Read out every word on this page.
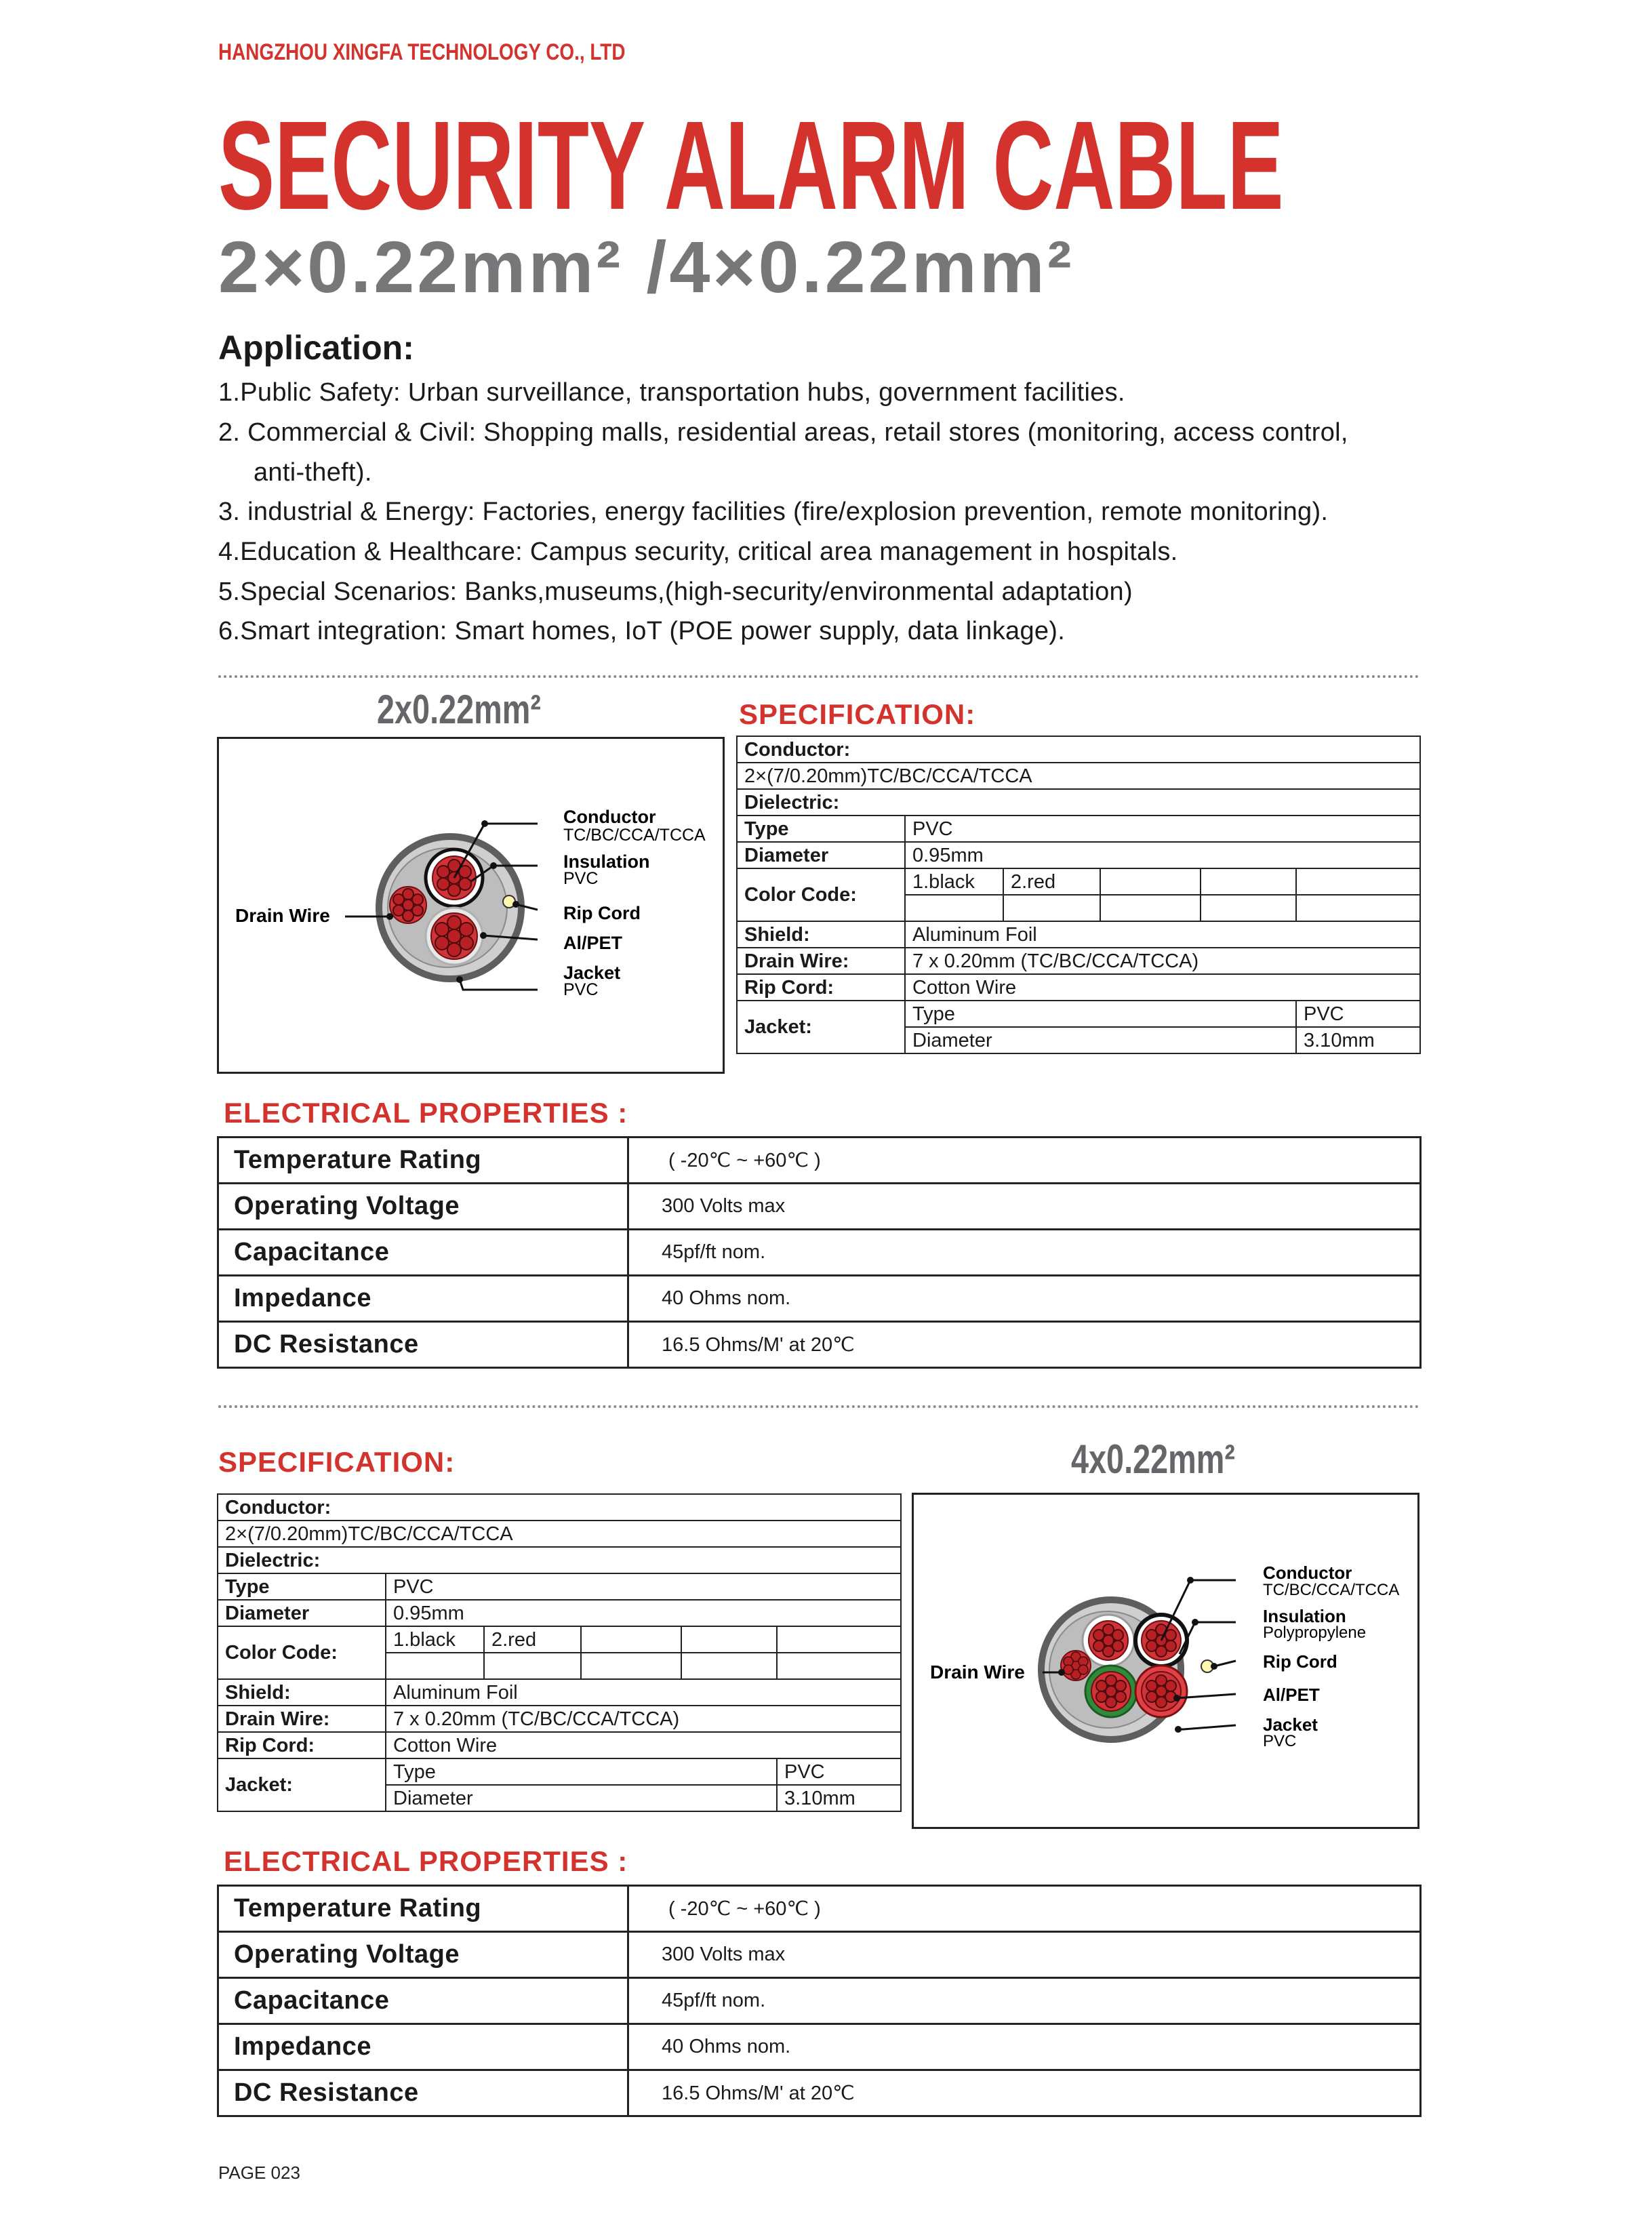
HANGZHOU XINGFA TECHNOLOGY CO., LTD
SECURITY ALARM CABLE
2×0.22mm² /4×0.22mm²
Application:
1.Public Safety: Urban surveillance, transportation hubs, government facilities.
2. Commercial & Civil: Shopping malls, residential areas, retail stores (monitoring, access control,
anti-theft).
3. industrial & Energy: Factories, energy facilities (fire/explosion prevention, remote monitoring).
4.Education & Healthcare: Campus security, critical area management in hospitals.
5.Special Scenarios: Banks,museums,(high-security/environmental adaptation)
6.Smart integration: Smart homes, IoT (POE power supply, data linkage).
2x0.22mm²	SPECIFICATION:
Conductor
TC/BC/CCA/TCCA
Insulation
PVC
Rip Cord
Al/PET
Jacket
PVC
Drain Wire
Conductor:					
2×(7/0.20mm)TC/BC/CCA/TCCA					
Dielectric:					
Type	PVC				
Diameter	0.95mm				
Color Code:	1.black	2.red			

Shield:	Aluminum Foil				
Drain Wire:	7 x 0.20mm (TC/BC/CCA/TCCA)				
Rip Cord:	Cotton Wire				
Jacket:	Type				PVC
	Diameter				3.10mm
ELECTRICAL PROPERTIES :
Temperature Rating	( -20℃ ~ +60℃ )
Operating Voltage	300 Volts max
Capacitance	45pf/ft nom.
Impedance	40 Ohms nom.
DC Resistance	16.5 Ohms/M' at 20℃
SPECIFICATION:	4x0.22mm²
Conductor:					
2×(7/0.20mm)TC/BC/CCA/TCCA					
Dielectric:					
Type	PVC				
Diameter	0.95mm				
Color Code:	1.black	2.red			

Shield:	Aluminum Foil				
Drain Wire:	7 x 0.20mm (TC/BC/CCA/TCCA)				
Rip Cord:	Cotton Wire				
Jacket:	Type				PVC
	Diameter				3.10mm
Conductor
TC/BC/CCA/TCCA
Insulation
Polypropylene
Rip Cord
Al/PET
Jacket
PVC
Drain Wire
ELECTRICAL PROPERTIES :
Temperature Rating	( -20℃ ~ +60℃ )
Operating Voltage	300 Volts max
Capacitance	45pf/ft nom.
Impedance	40 Ohms nom.
DC Resistance	16.5 Ohms/M' at 20℃
PAGE 023
